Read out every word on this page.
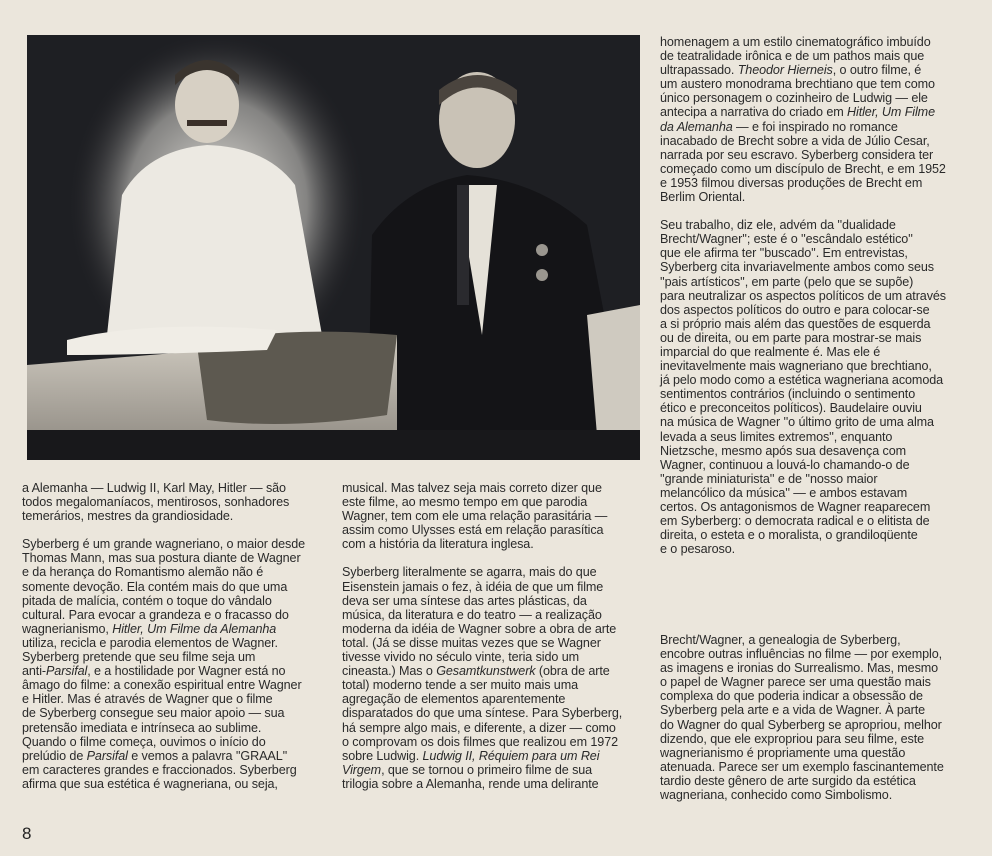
a Alemanha — Ludwig II, Karl May, Hitler — são
todos megalomaníacos, mentirosos, sonhadores
temerários, mestres da grandiosidade.

Syberberg é um grande wagneriano, o maior desde
Thomas Mann, mas sua postura diante de Wagner
e da herança do Romantismo alemão não é
somente devoção. Ela contém mais do que uma
pitada de malícia, contém o toque do vândalo
cultural. Para evocar a grandeza e o fracasso do
wagnerianismo, Hitler, Um Filme da Alemanha
utiliza, recicla e parodia elementos de Wagner.
Syberberg pretende que seu filme seja um
anti-Parsifal, e a hostilidade por Wagner está no
âmago do filme: a conexão espiritual entre Wagner
e Hitler. Mas é através de Wagner que o filme
de Syberberg consegue seu maior apoio — sua
pretensão imediata e intrínseca ao sublime.
Quando o filme começa, ouvimos o início do
prelúdio de Parsifal e vemos a palavra ''GRAAL''
em caracteres grandes e fraccionados. Syberberg
afirma que sua estética é wagneriana, ou seja,

musical. Mas talvez seja mais correto dizer que
este filme, ao mesmo tempo em que parodia
Wagner, tem com ele uma relação parasitária —
assim como Ulysses está em relação parasítica
com a história da literatura inglesa.

Syberberg literalmente se agarra, mais do que
Eisenstein jamais o fez, à idéia de que um filme
deva ser uma síntese das artes plásticas, da
música, da literatura e do teatro — a realização
moderna da idéia de Wagner sobre a obra de arte
total. (Já se disse muitas vezes que se Wagner
tivesse vivido no século vinte, teria sido um
cineasta.) Mas o Gesamtkunstwerk (obra de arte
total) moderno tende a ser muito mais uma
agregação de elementos aparentemente
disparatados do que uma síntese. Para Syberberg,
há sempre algo mais, e diferente, a dizer — como
o comprovam os dois filmes que realizou em 1972
sobre Ludwig. Ludwig II, Réquiem para um Rei
Virgem, que se tornou o primeiro filme de sua
trilogia sobre a Alemanha, rende uma delirante

homenagem a um estilo cinematográfico imbuído
de teatralidade irônica e de um pathos mais que
ultrapassado. Theodor Hierneis, o outro filme, é
um austero monodrama brechtiano que tem como
único personagem o cozinheiro de Ludwig — ele
antecipa a narrativa do criado em Hitler, Um Filme
da Alemanha — e foi inspirado no romance
inacabado de Brecht sobre a vida de Júlio Cesar,
narrada por seu escravo. Syberberg considera ter
começado como um discípulo de Brecht, e em 1952
e 1953 filmou diversas produções de Brecht em
Berlim Oriental.

Seu trabalho, diz ele, advém da ''dualidade
Brecht/Wagner''; este é o ''escândalo estético''
que ele afirma ter ''buscado''. Em entrevistas,
Syberberg cita invariavelmente ambos como seus
''pais artísticos'', em parte (pelo que se supõe)
para neutralizar os aspectos políticos de um através
dos aspectos políticos do outro e para colocar-se
a si próprio mais além das questões de esquerda
ou de direita, ou em parte para mostrar-se mais
imparcial do que realmente é. Mas ele é
inevitavelmente mais wagneriano que brechtiano,
já pelo modo como a estética wagneriana acomoda
sentimentos contrários (incluindo o sentimento
ético e preconceitos políticos). Baudelaire ouviu
na música de Wagner ''o último grito de uma alma
levada a seus limites extremos'', enquanto
Nietzsche, mesmo após sua desavença com
Wagner, continuou a louvá-lo chamando-o de
''grande miniaturista'' e de ''nosso maior
melancólico da música'' — e ambos estavam
certos. Os antagonismos de Wagner reaparecem
em Syberberg: o democrata radical e o elitista de
direita, o esteta e o moralista, o grandiloqüente
e o pesaroso.

Brecht/Wagner, a genealogia de Syberberg,
encobre outras influências no filme — por exemplo,
as imagens e ironias do Surrealismo. Mas, mesmo
o papel de Wagner parece ser uma questão mais
complexa do que poderia indicar a obsessão de
Syberberg pela arte e a vida de Wagner. À parte
do Wagner do qual Syberberg se apropriou, melhor
dizendo, que ele expropriou para seu filme, este
wagnerianismo é propriamente uma questão
atenuada. Parece ser um exemplo fascinantemente
tardio deste gênero de arte surgido da estética
wagneriana, conhecido como Simbolismo.

8
